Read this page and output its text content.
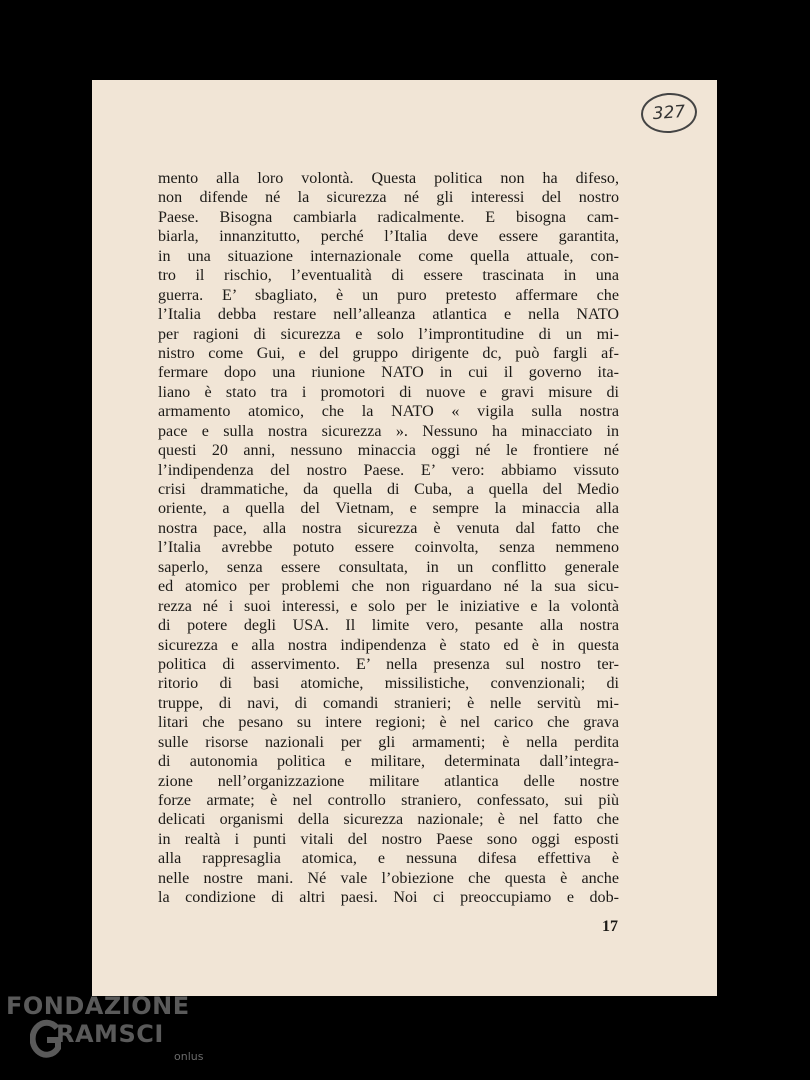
327
mento alla loro volontà. Questa politica non ha difeso,
non difende né la sicurezza né gli interessi del nostro
Paese. Bisogna cambiarla radicalmente. E bisogna cam-
biarla, innanzitutto, perché l’Italia deve essere garantita,
in una situazione internazionale come quella attuale, con-
tro il rischio, l’eventualità di essere trascinata in una
guerra. E’ sbagliato, è un puro pretesto affermare che
l’Italia debba restare nell’alleanza atlantica e nella NATO
per ragioni di sicurezza e solo l’improntitudine di un mi-
nistro come Gui, e del gruppo dirigente dc, può fargli af-
fermare dopo una riunione NATO in cui il governo ita-
liano è stato tra i promotori di nuove e gravi misure di
armamento atomico, che la NATO « vigila sulla nostra
pace e sulla nostra sicurezza ». Nessuno ha minacciato in
questi 20 anni, nessuno minaccia oggi né le frontiere né
l’indipendenza del nostro Paese. E’ vero: abbiamo vissuto
crisi drammatiche, da quella di Cuba, a quella del Medio
oriente, a quella del Vietnam, e sempre la minaccia alla
nostra pace, alla nostra sicurezza è venuta dal fatto che
l’Italia avrebbe potuto essere coinvolta, senza nemmeno
saperlo, senza essere consultata, in un conflitto generale
ed atomico per problemi che non riguardano né la sua sicu-
rezza né i suoi interessi, e solo per le iniziative e la volontà
di potere degli USA. Il limite vero, pesante alla nostra
sicurezza e alla nostra indipendenza è stato ed è in questa
politica di asservimento. E’ nella presenza sul nostro ter-
ritorio di basi atomiche, missilistiche, convenzionali; di
truppe, di navi, di comandi stranieri; è nelle servitù mi-
litari che pesano su intere regioni; è nel carico che grava
sulle risorse nazionali per gli armamenti; è nella perdita
di autonomia politica e militare, determinata dall’integra-
zione nell’organizzazione militare atlantica delle nostre
forze armate; è nel controllo straniero, confessato, sui più
delicati organismi della sicurezza nazionale; è nel fatto che
in realtà i punti vitali del nostro Paese sono oggi esposti
alla rappresaglia atomica, e nessuna difesa effettiva è
nelle nostre mani. Né vale l’obiezione che questa è anche
la condizione di altri paesi. Noi ci preoccupiamo e dob-
17
FONDAZIONE
RAMSCI
onlus
